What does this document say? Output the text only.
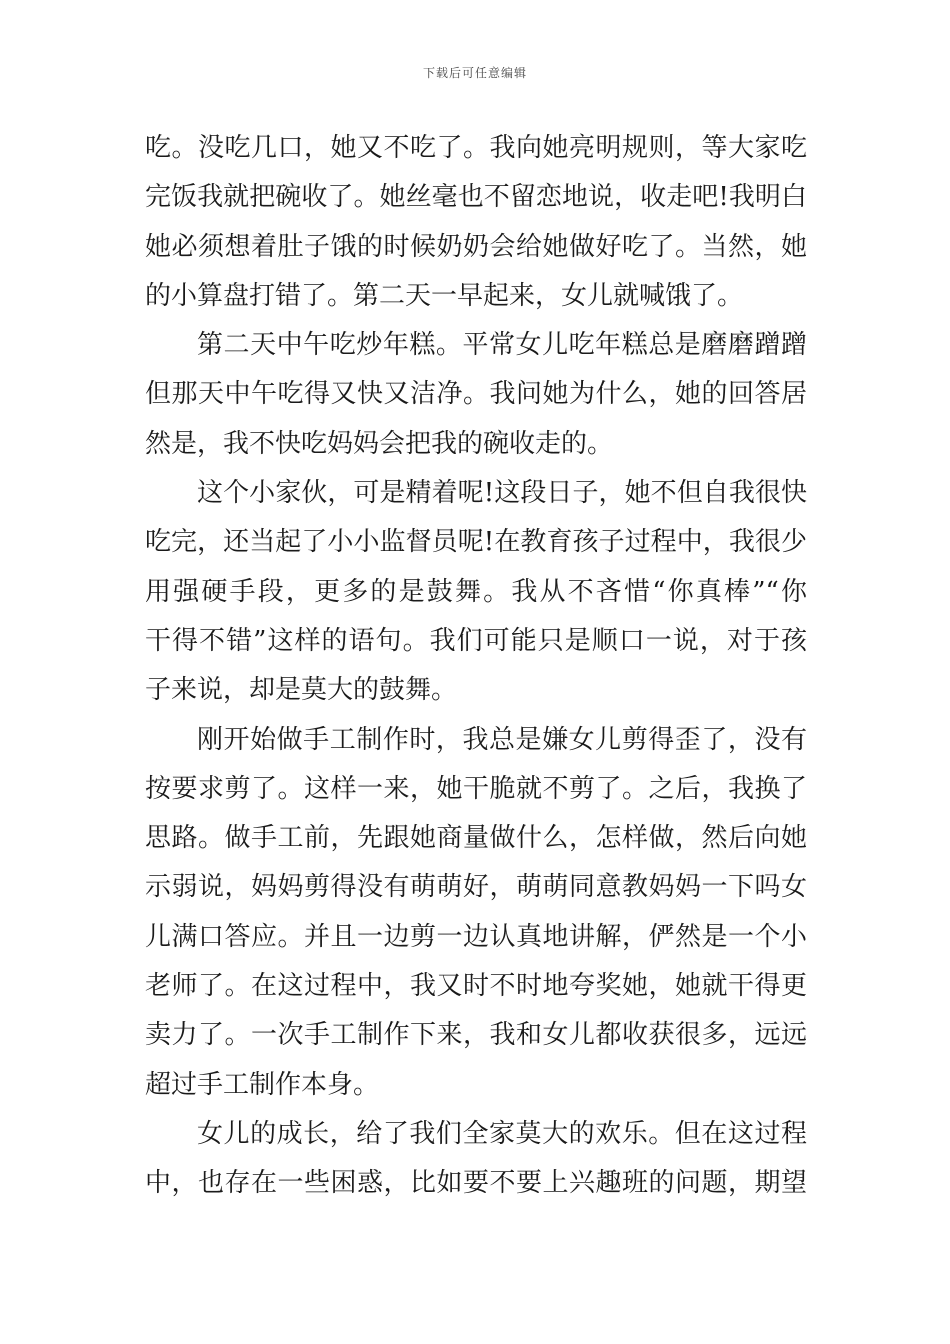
下载后可任意编辑
吃。没吃几口，她又不吃了。我向她亮明规则，等大家吃
完饭我就把碗收了。她丝毫也不留恋地说，收走吧!我明白
她必须想着肚子饿的时候奶奶会给她做好吃了。当然，她
的小算盘打错了。第二天一早起来，女儿就喊饿了。
第二天中午吃炒年糕。平常女儿吃年糕总是磨磨蹭蹭
但那天中午吃得又快又洁净。我问她为什么，她的回答居
然是，我不快吃妈妈会把我的碗收走的。
这个小家伙，可是精着呢!这段日子，她不但自我很快
吃完，还当起了小小监督员呢!在教育孩子过程中，我很少
用强硬手段，更多的是鼓舞。我从不吝惜“你真棒”“你
干得不错”这样的语句。我们可能只是顺口一说，对于孩
子来说，却是莫大的鼓舞。
刚开始做手工制作时，我总是嫌女儿剪得歪了，没有
按要求剪了。这样一来，她干脆就不剪了。之后，我换了
思路。做手工前，先跟她商量做什么，怎样做，然后向她
示弱说，妈妈剪得没有萌萌好，萌萌同意教妈妈一下吗女
儿满口答应。并且一边剪一边认真地讲解，俨然是一个小
老师了。在这过程中，我又时不时地夸奖她，她就干得更
卖力了。一次手工制作下来，我和女儿都收获很多，远远
超过手工制作本身。
女儿的成长，给了我们全家莫大的欢乐。但在这过程
中，也存在一些困惑，比如要不要上兴趣班的问题，期望
